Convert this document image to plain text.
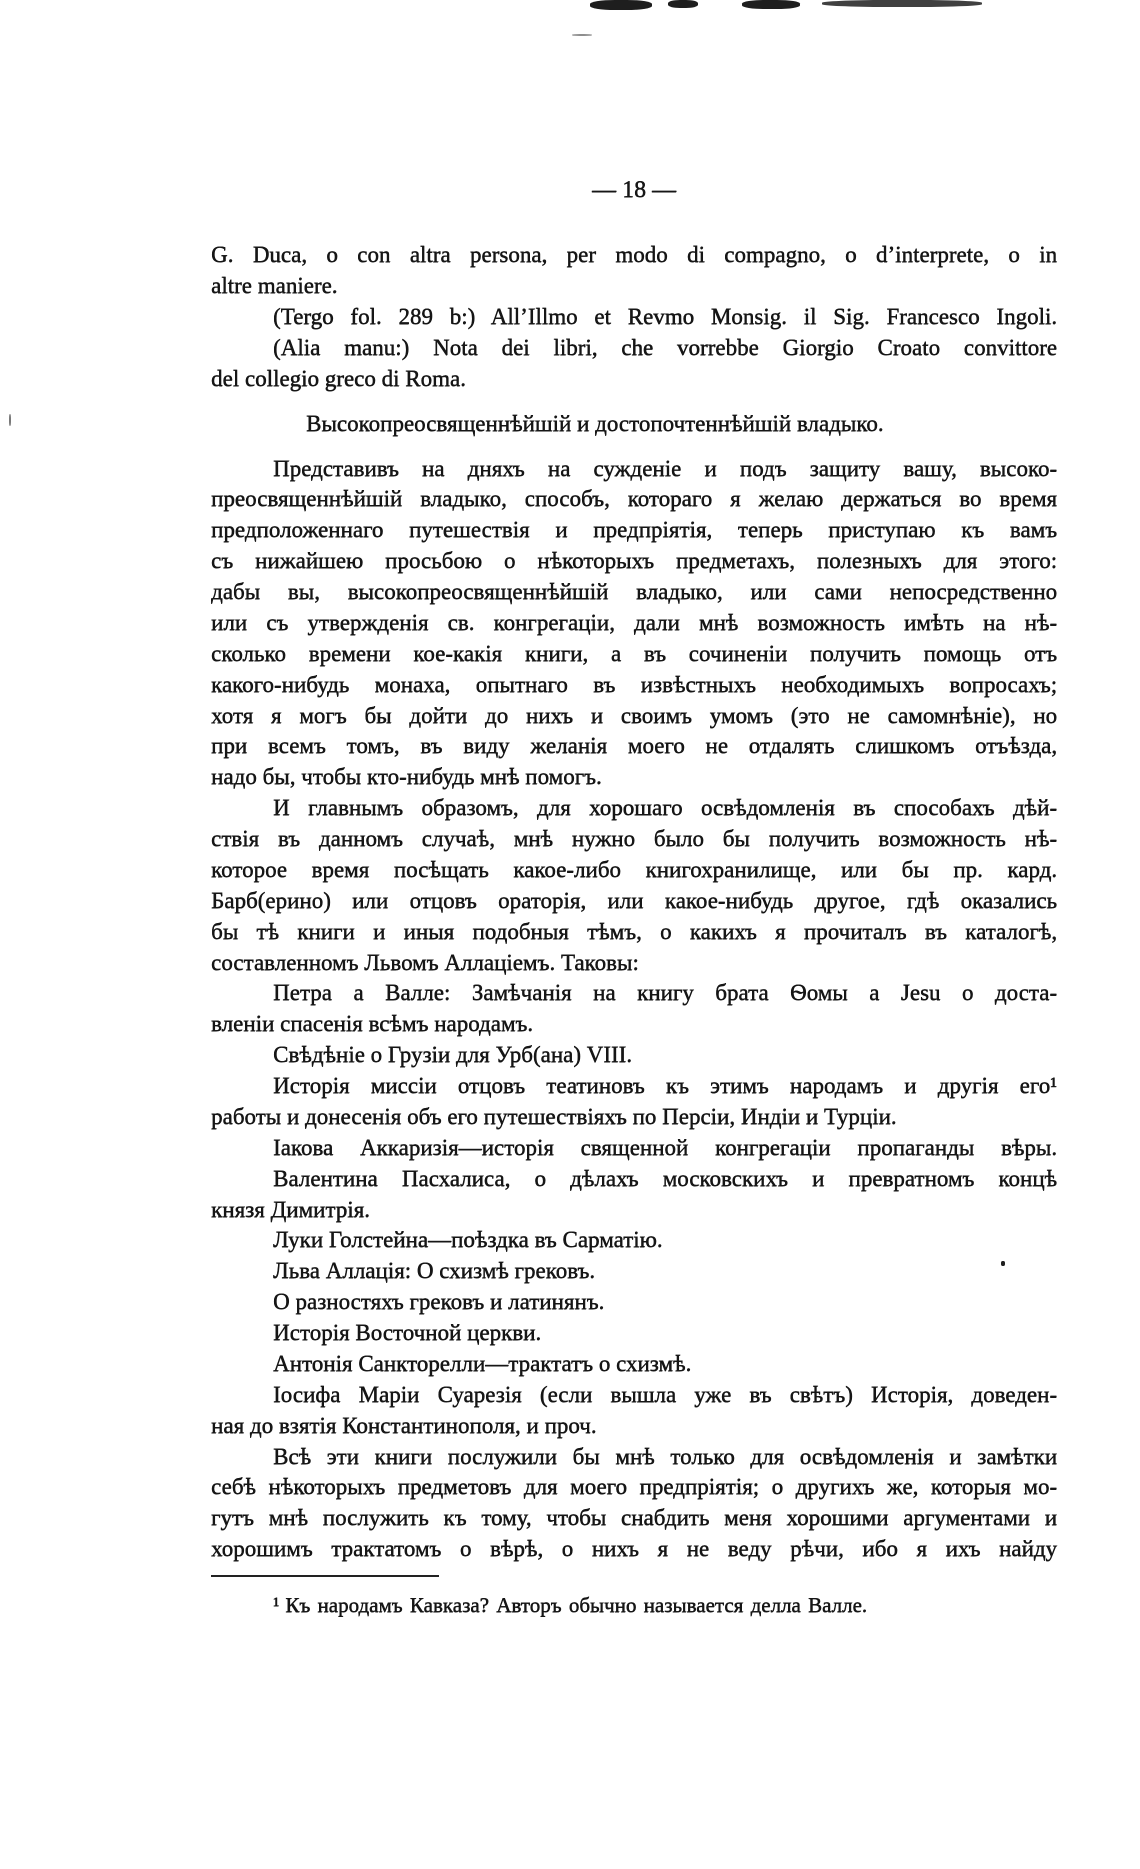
— 18 —
G. Duca, o con altra persona, per modo di compagno, o d’interprete, o in
altre maniere.
(Tergo fol. 289 b:) All’Illmo et Revmo Monsig. il Sig. Francesco Ingoli.
(Alia manu:) Nota dei libri, che vorrebbe Giorgio Croato convittore
del collegio greco di Roma.
Высокопреосвященнѣйшій и достопочтеннѣйшій владыко.
Представивъ на дняхъ на сужденіе и подъ защиту вашу, высоко-
преосвященнѣйшій владыко, способъ, котораго я желаю держаться во время
предположеннаго путешествія и предпріятія, теперь приступаю къ вамъ
съ нижайшею просьбою о нѣкоторыхъ предметахъ, полезныхъ для этого:
дабы вы, высокопреосвященнѣйшій владыко, или сами непосредственно
или съ утвержденія св. конгрегаціи, дали мнѣ возможность имѣть на нѣ-
сколько времени кое-какія книги, а въ сочиненіи получить помощь отъ
какого-нибудь монаха, опытнаго въ извѣстныхъ необходимыхъ вопросахъ;
хотя я могъ бы дойти до нихъ и своимъ умомъ (это не самомнѣніе), но
при всемъ томъ, въ виду желанія моего не отдалять слишкомъ отъѣзда,
надо бы, чтобы кто-нибудь мнѣ помогъ.
И главнымъ образомъ, для хорошаго освѣдомленія въ способахъ дѣй-
ствія въ данномъ случаѣ, мнѣ нужно было бы получить возможность нѣ-
которое время посѣщать какое-либо книгохранилище, или бы пр. кард.
Барб(ерино) или отцовъ ораторія, или какое-нибудь другое, гдѣ оказались
бы тѣ книги и иныя подобныя тѣмъ, о какихъ я прочиталъ въ каталогѣ,
составленномъ Львомъ Аллаціемъ. Таковы:
Петра а Валле: Замѣчанія на книгу брата Ѳомы а Jesu о доста-
вленіи спасенія всѣмъ народамъ.
Свѣдѣніе о Грузіи для Урб(ана) VIII.
Исторія миссіи отцовъ театиновъ къ этимъ народамъ и другія его¹
работы и донесенія объ его путешествіяхъ по Персіи, Индіи и Турціи.
Іакова Аккаризія—исторія священной конгрегаціи пропаганды вѣры.
Валентина Пасхалиса, о дѣлахъ московскихъ и превратномъ концѣ
князя Димитрія.
Луки Голстейна—поѣздка въ Сарматію.
Льва Аллація: О схизмѣ грековъ.
О разностяхъ грековъ и латинянъ.
Исторія Восточной церкви.
Антонія Санкторелли—трактатъ о схизмѣ.
Іосифа Маріи Суарезія (если вышла уже въ свѣтъ) Исторія, доведен-
ная до взятія Константинополя, и проч.
Всѣ эти книги послужили бы мнѣ только для освѣдомленія и замѣтки
себѣ нѣкоторыхъ предметовъ для моего предпріятія; о другихъ же, которыя мо-
гутъ мнѣ послужить къ тому, чтобы снабдить меня хорошими аргументами и
хорошимъ трактатомъ о вѣрѣ, о нихъ я не веду рѣчи, ибо я ихъ найду
¹ Къ народамъ Кавказа? Авторъ обычно называется делла Валле.
